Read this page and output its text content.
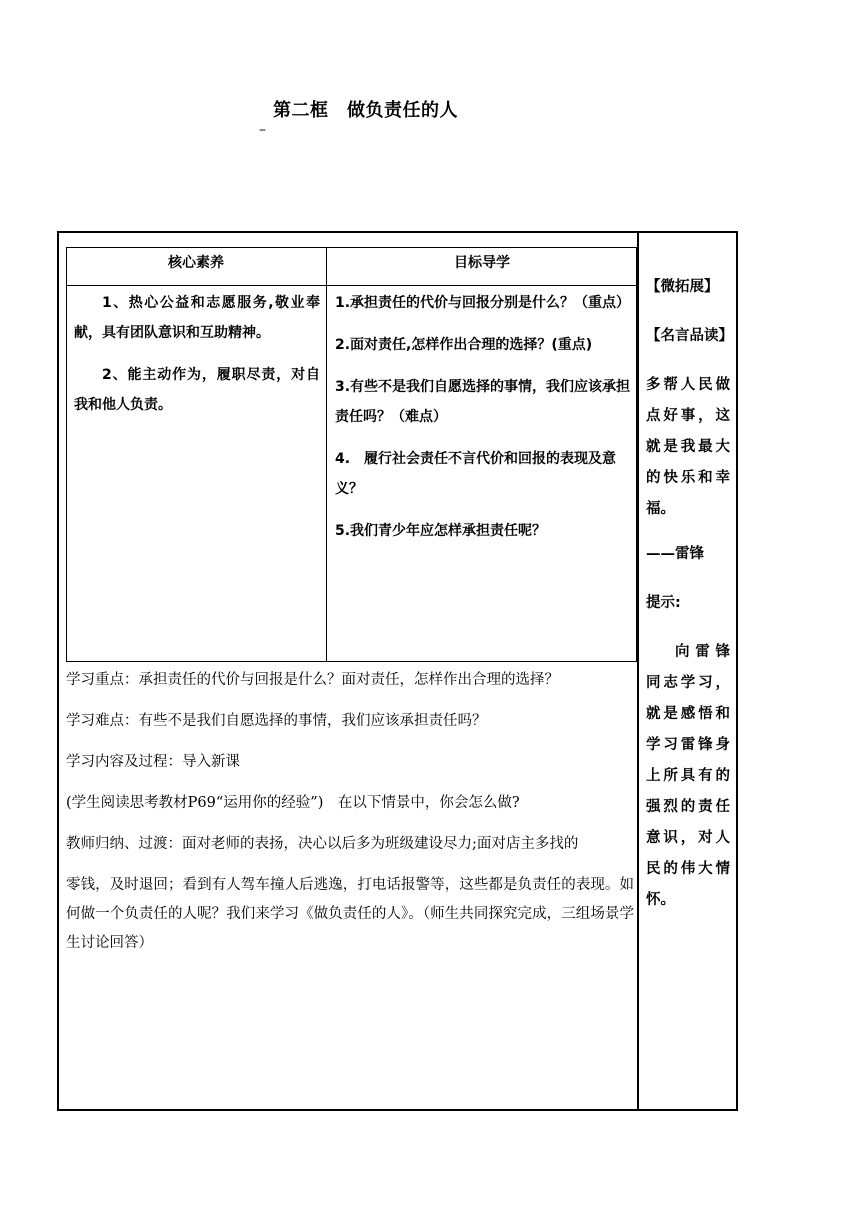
第二框　做负责任的人
–
核心素养	目标导学

1、热心公益和志愿服务,敬业奉献，具有团队意识和互助精神。

2、能主动作为，履职尽责，对自我和他人负责。

1.承担责任的代价与回报分别是什么？（重点）

2.面对责任,怎样作出合理的选择？(重点)

3.有些不是我们自愿选择的事情，我们应该承担责任吗？（难点）

4.　履行社会责任不言代价和回报的表现及意义？

5.我们青少年应怎样承担责任呢？

学习重点：承担责任的代价与回报是什么？面对责任，怎样作出合理的选择？

学习难点：有些不是我们自愿选择的事情，我们应该承担责任吗？

学习内容及过程：导入新课

(学生阅读思考教材P69“运用你的经验”)　在以下情景中，你会怎么做?

教师归纳、过渡：面对老师的表扬，决心以后多为班级建设尽力;面对店主多找的

零钱，及时退回；看到有人驾车撞人后逃逸，打电话报警等，这些都是负责任的表现。如何做一个负责任的人呢？我们来学习《做负责任的人》。（师生共同探究完成，三组场景学生讨论回答）

【微拓展】

【名言品读】

多帮人民做点好事，这就是我最大的快乐和幸福。

——雷锋

提示:

向雷锋同志学习，就是感悟和学习雷锋身上所具有的强烈的责任意识，对人民的伟大情怀。
